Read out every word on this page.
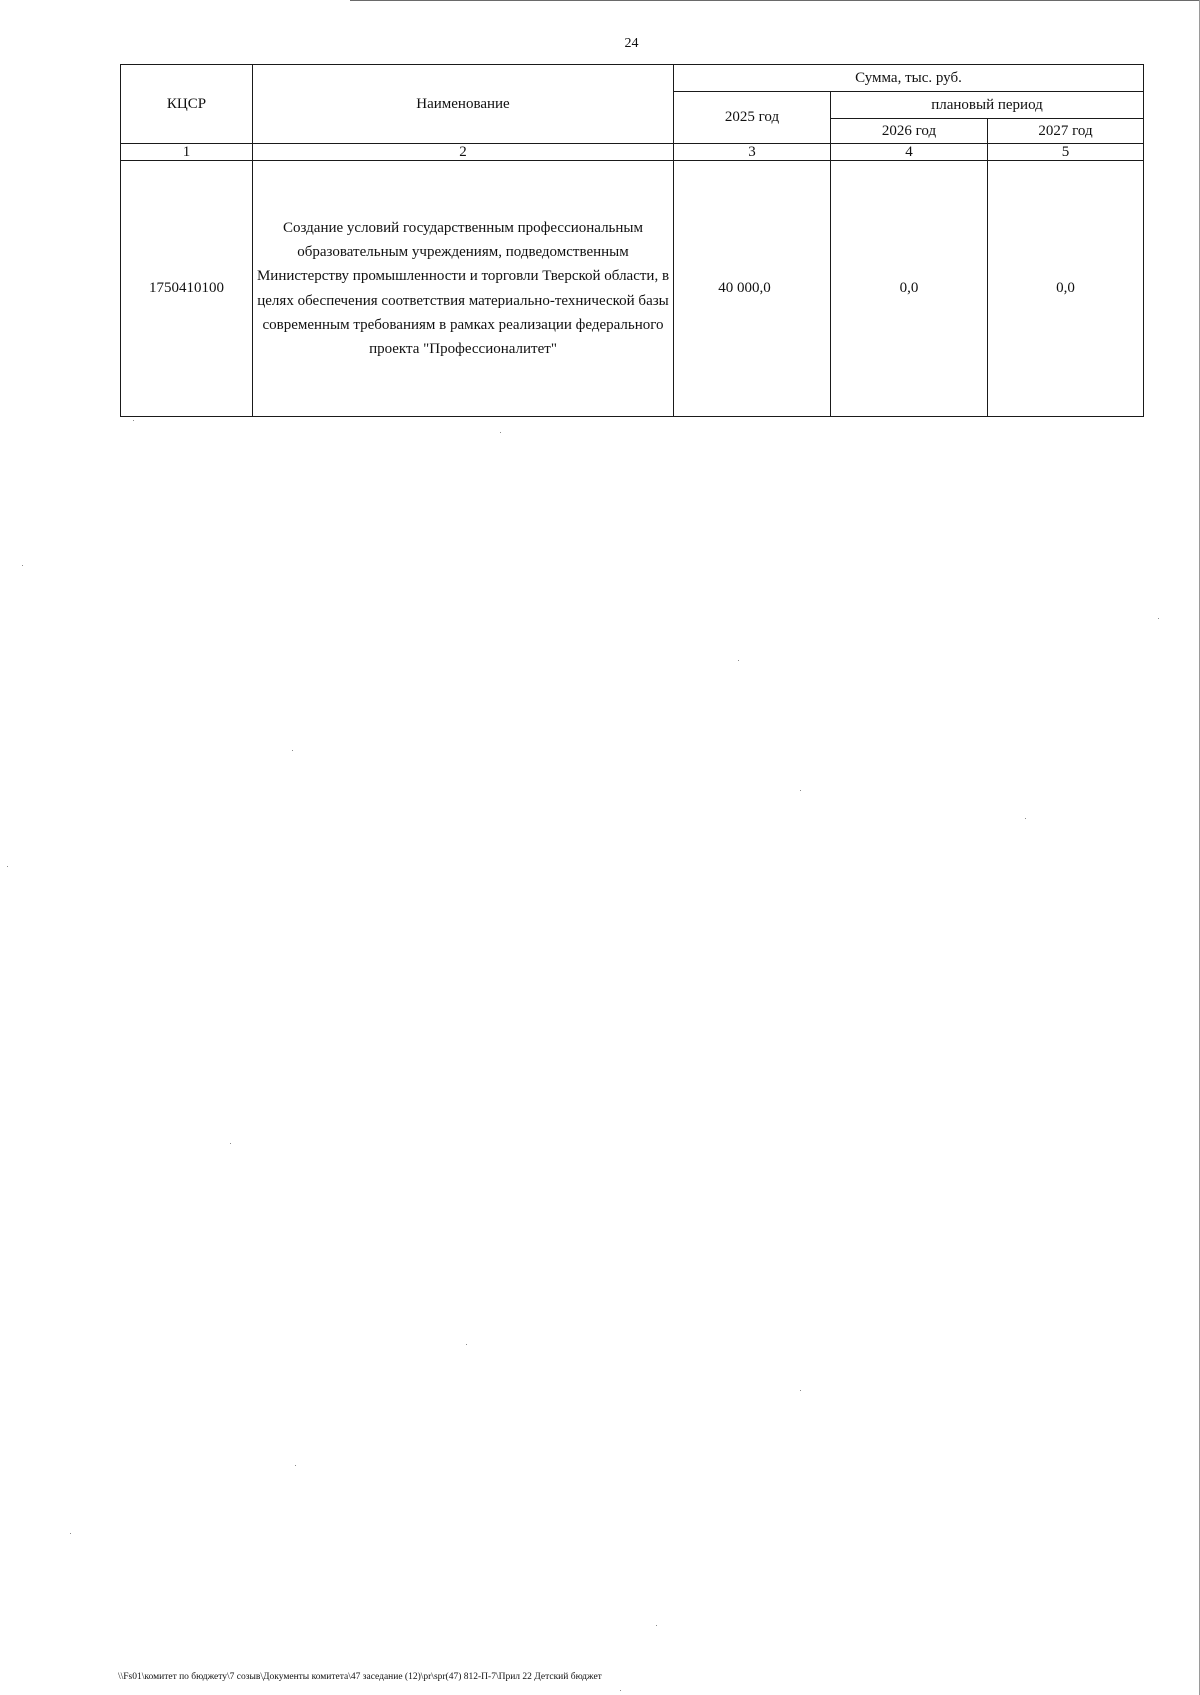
24
КЦСР	Наименование	Сумма, тыс. руб.		
		2025 год	плановый период	
			2026 год	2027 год
1	2	3	4	5
1750410100	Создание условий государственным профессиональным образовательным учреждениям, подведомственным Министерству промышленности и торговли Тверской области, в целях обеспечения соответствия материально-технической базы современным требованиям в рамках реализации федерального проекта "Профессионалитет"	40 000,0	0,0	0,0
\\Fs01\комитет по бюджету\7 созыв\Документы комитета\47 заседание (12)\pr\spr(47) 812-П-7\Прил 22 Детский бюджет
